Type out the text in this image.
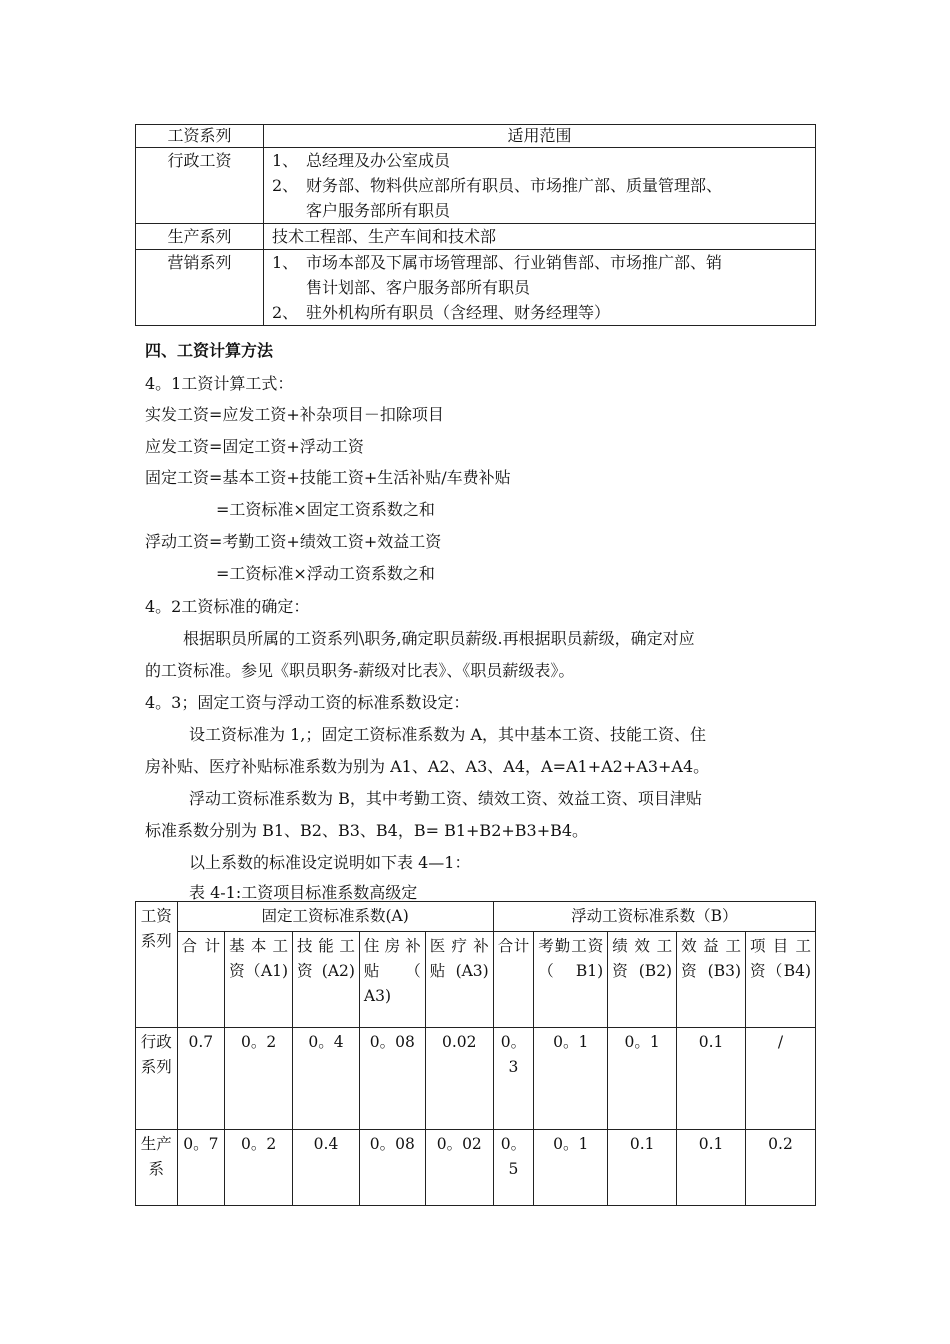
工资系列	适用范围

行政工资	1、 总经理及办公室成员
2、 财务部、物料供应部所有职员、市场推广部、质量管理部、
客户服务部所有职员

生产系列	技术工程部、生产车间和技术部

营销系列	1、 市场本部及下属市场管理部、行业销售部、市场推广部、销
售计划部、客户服务部所有职员
2、 驻外机构所有职员（含经理、财务经理等）
四、工资计算方法
4。1工资计算工式：
实发工资=应发工资+补杂项目－扣除项目
应发工资=固定工资+浮动工资
固定工资=基本工资+技能工资+生活补贴/车费补贴
=工资标准×固定工资系数之和
浮动工资=考勤工资+绩效工资+效益工资
=工资标准×浮动工资系数之和
4。2工资标准的确定：
根据职员所属的工资系列\职务,确定职员薪级.再根据职员薪级，确定对应
的工资标准。参见《职员职务-薪级对比表》、《职员薪级表》。
4。3；固定工资与浮动工资的标准系数设定：
设工资标准为 1,；固定工资标准系数为 A，其中基本工资、技能工资、住
房补贴、医疗补贴标准系数为别为 A1、A2、A3、A4，A=A1+A2+A3+A4。
浮动工资标准系数为 B，其中考勤工资、绩效工资、效益工资、项目津贴
标准系数分别为 B1、B2、B3、B4，B= B1+B2+B3+B4。
以上系数的标准设定说明如下表 4—1：
表 4-1:工资项目标准系数高级定
工资系列	固定工资标准系数(A)					浮动工资标准系数（B）				
	合计	基本工资（A1)	技能工资(A2)	住房补贴（ A3)	医疗补贴(A3)	合计	考勤工资（ B1)	绩效工资(B2)	效益工资(B3)	项目工资（B4)
行政系列	0.7	0。2	0。4	0。08	0.02	0。3	0。1	0。1	0.1	/
生产系	0。7	0。2	0.4	0。08	0。02	0。5	0。1	0.1	0.1	0.2
